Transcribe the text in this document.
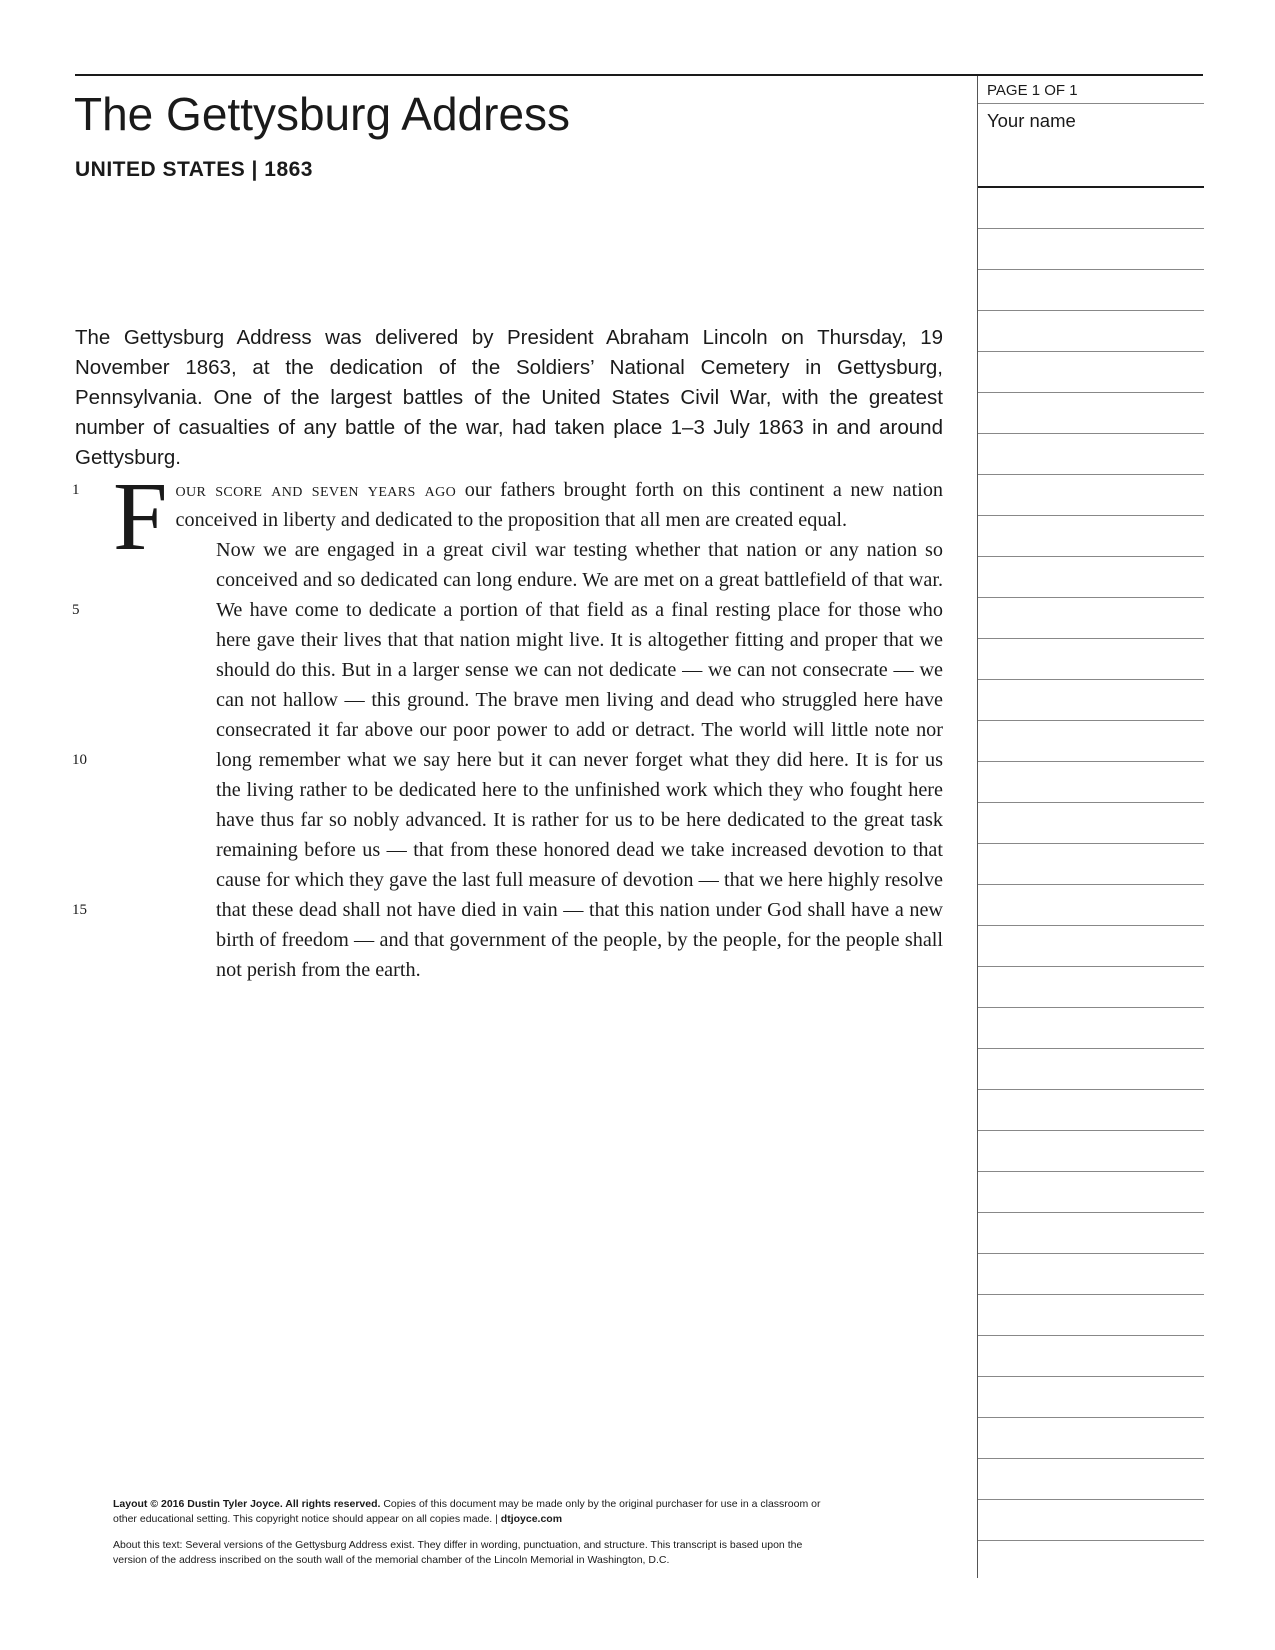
The Gettysburg Address
UNITED STATES | 1863

The Gettysburg Address was delivered by President Abraham Lincoln on Thursday, 19 November 1863, at the dedication of the Soldiers’ National Cemetery in Gettysburg, Pennsylvania. One of the largest battles of the United States Civil War, with the greatest number of casualties of any battle of the war, had taken place 1–3 July 1863 in and around Gettysburg.

1
5
10
15

Four score and seven years ago our fathers brought forth on this continent a new nation conceived in liberty and dedicated to the proposition that all men are created equal.

Now we are engaged in a great civil war testing whether that nation or any nation so conceived and so dedicated can long endure. We are met on a great battlefield of that war. We have come to dedicate a portion of that field as a final resting place for those who here gave their lives that that nation might live. It is altogether fitting and proper that we should do this. But in a larger sense we can not dedicate — we can not consecrate — we can not hallow — this ground. The brave men living and dead who struggled here have consecrated it far above our poor power to add or detract. The world will little note nor long remember what we say here but it can never forget what they did here. It is for us the living rather to be dedicated here to the unfinished work which they who fought here have thus far so nobly advanced. It is rather for us to be here dedicated to the great task remaining before us — that from these honored dead we take increased devotion to that cause for which they gave the last full measure of devotion — that we here highly resolve that these dead shall not have died in vain — that this nation under God shall have a new birth of freedom — and that government of the people, by the people, for the people shall not perish from the earth.

PAGE 1 OF 1
Your name
Layout © 2016 Dustin Tyler Joyce. All rights reserved. Copies of this document may be made only by the original purchaser for use in a classroom or other educational setting. This copyright notice should appear on all copies made. | dtjoyce.com
About this text: Several versions of the Gettysburg Address exist. They differ in wording, punctuation, and structure. This transcript is based upon the version of the address inscribed on the south wall of the memorial chamber of the Lincoln Memorial in Washington, D.C.
